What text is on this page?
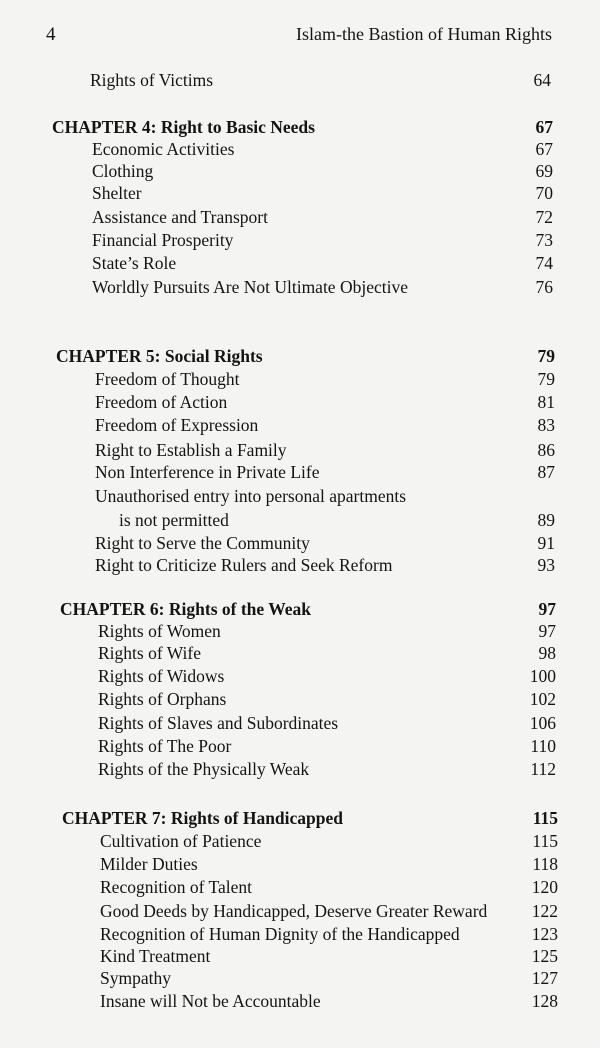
4	Islam-the Bastion of Human Rights
Rights of Victims	64
CHAPTER 4: Right to Basic Needs	67
Economic Activities	67
Clothing	69
Shelter	70
Assistance and Transport	72
Financial Prosperity	73
State’s Role	74
Worldly Pursuits Are Not Ultimate Objective	76
CHAPTER 5: Social Rights	79
Freedom of Thought	79
Freedom of Action	81
Freedom of Expression	83
Right to Establish a Family	86
Non Interference in Private Life	87
Unauthorised entry into personal apartments
is not permitted	89
Right to Serve the Community	91
Right to Criticize Rulers and Seek Reform	93
CHAPTER 6: Rights of the Weak	97
Rights of Women	97
Rights of Wife	98
Rights of Widows	100
Rights of Orphans	102
Rights of Slaves and Subordinates	106
Rights of The Poor	110
Rights of the Physically Weak	112
CHAPTER 7: Rights of Handicapped	115
Cultivation of Patience	115
Milder Duties	118
Recognition of Talent	120
Good Deeds by Handicapped, Deserve Greater Reward	122
Recognition of Human Dignity of the Handicapped	123
Kind Treatment	125
Sympathy	127
Insane will Not be Accountable	128
